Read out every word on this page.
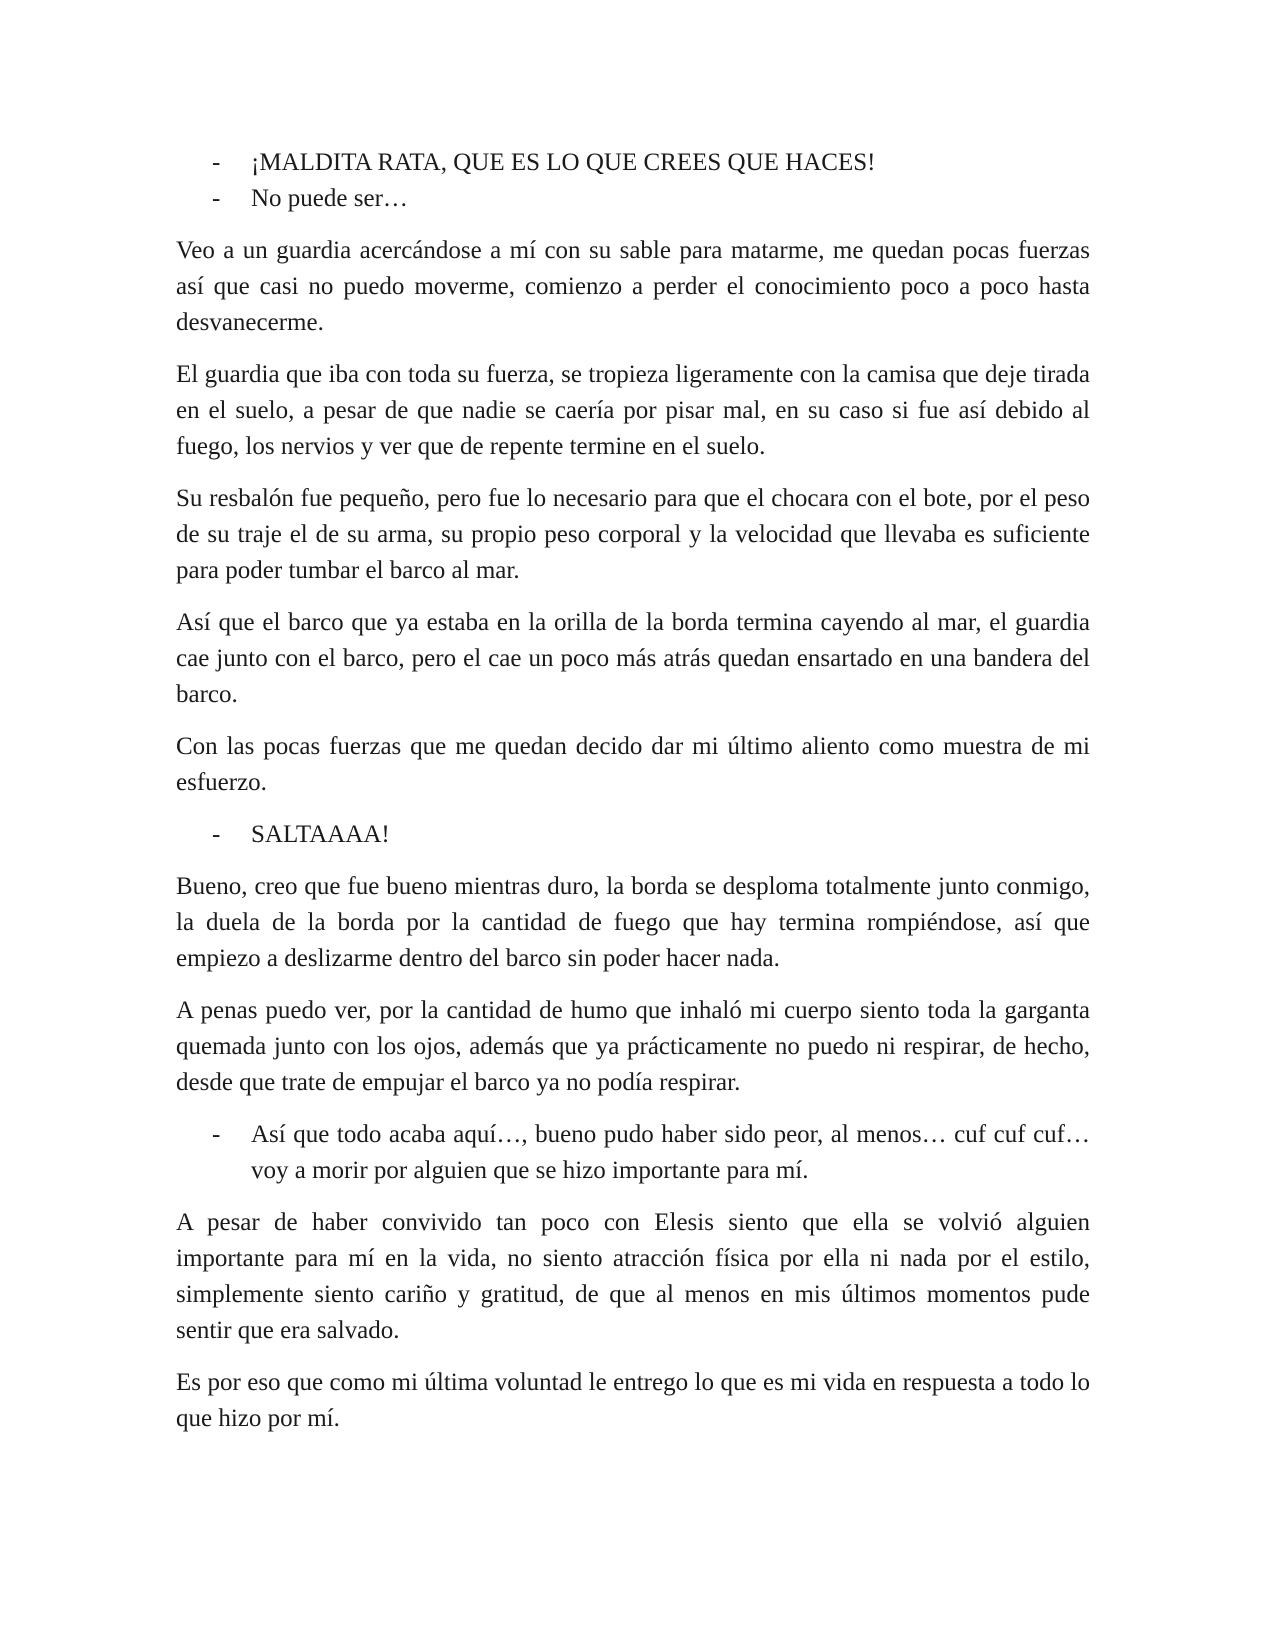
- ¡MALDITA RATA, QUE ES LO QUE CREES QUE HACES!

- No puede ser…

Veo a un guardia acercándose a mí con su sable para matarme, me quedan pocas fuerzas así que casi no puedo moverme, comienzo a perder el conocimiento poco a poco hasta desvanecerme.

El guardia que iba con toda su fuerza, se tropieza ligeramente con la camisa que deje tirada en el suelo, a pesar de que nadie se caería por pisar mal, en su caso si fue así debido al fuego, los nervios y ver que de repente termine en el suelo.

Su resbalón fue pequeño, pero fue lo necesario para que el chocara con el bote, por el peso de su traje el de su arma, su propio peso corporal y la velocidad que llevaba es suficiente para poder tumbar el barco al mar.

Así que el barco que ya estaba en la orilla de la borda termina cayendo al mar, el guardia cae junto con el barco, pero el cae un poco más atrás quedan ensartado en una bandera del barco.

Con las pocas fuerzas que me quedan decido dar mi último aliento como muestra de mi esfuerzo.

- SALTAAAA!

Bueno, creo que fue bueno mientras duro, la borda se desploma totalmente junto conmigo, la duela de la borda por la cantidad de fuego que hay termina rompiéndose, así que empiezo a deslizarme dentro del barco sin poder hacer nada.

A penas puedo ver, por la cantidad de humo que inhaló mi cuerpo siento toda la garganta quemada junto con los ojos, además que ya prácticamente no puedo ni respirar, de hecho, desde que trate de empujar el barco ya no podía respirar.

- Así que todo acaba aquí…, bueno pudo haber sido peor, al menos… cuf cuf cuf… voy a morir por alguien que se hizo importante para mí.

A pesar de haber convivido tan poco con Elesis siento que ella se volvió alguien importante para mí en la vida, no siento atracción física por ella ni nada por el estilo, simplemente siento cariño y gratitud, de que al menos en mis últimos momentos pude sentir que era salvado.

Es por eso que como mi última voluntad le entrego lo que es mi vida en respuesta a todo lo que hizo por mí.
